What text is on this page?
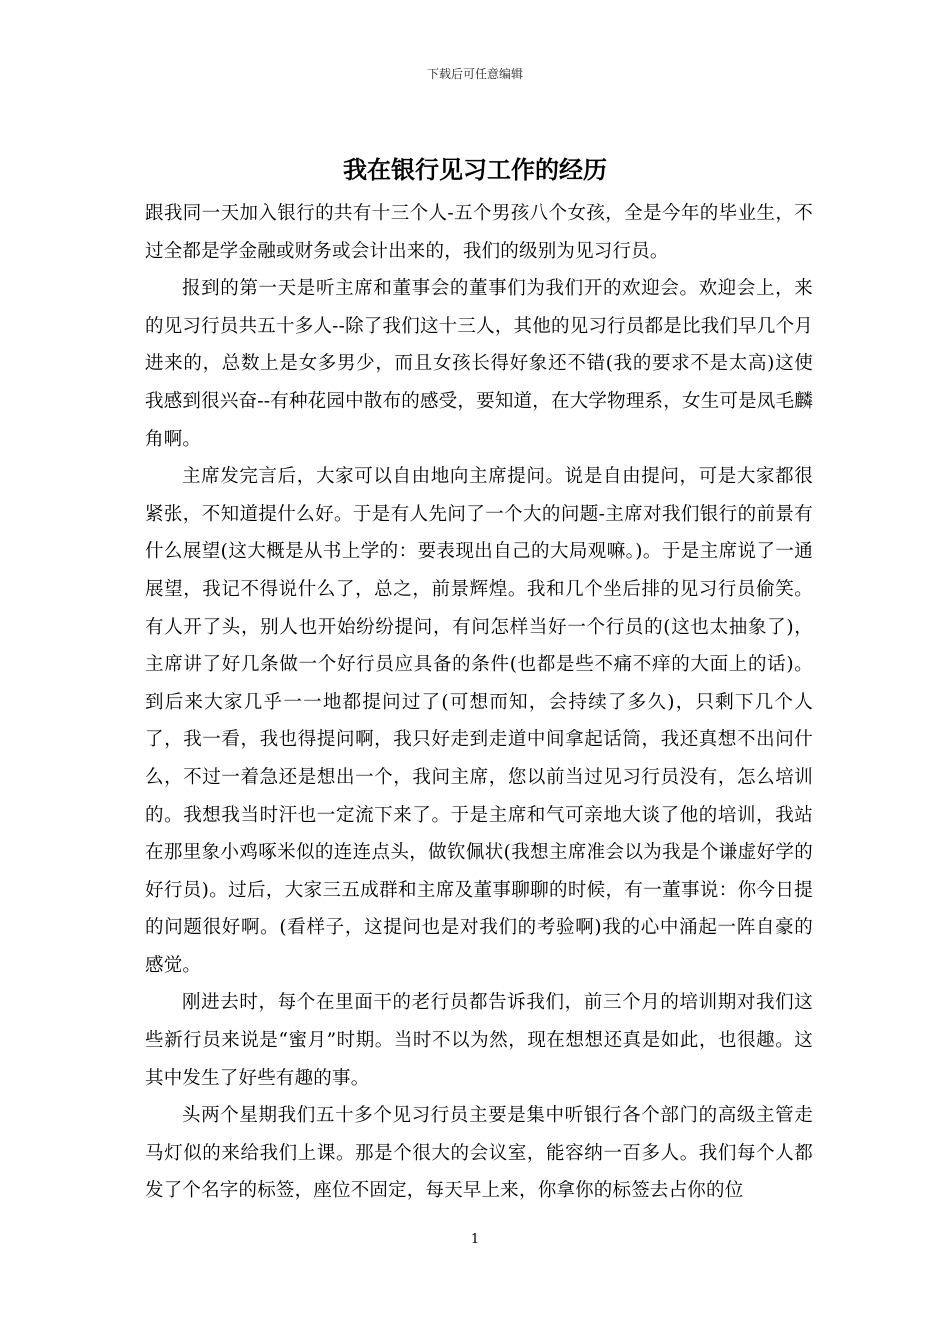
下载后可任意编辑
我在银行见习工作的经历

跟我同一天加入银行的共有十三个人-五个男孩八个女孩，全是今年的毕业生，不过全都是学金融或财务或会计出来的，我们的级别为见习行员。

报到的第一天是听主席和董事会的董事们为我们开的欢迎会。欢迎会上，来的见习行员共五十多人--除了我们这十三人，其他的见习行员都是比我们早几个月进来的，总数上是女多男少，而且女孩长得好象还不错(我的要求不是太高)这使我感到很兴奋--有种花园中散布的感受，要知道，在大学物理系，女生可是凤毛麟角啊。

主席发完言后，大家可以自由地向主席提问。说是自由提问，可是大家都很紧张，不知道提什么好。于是有人先问了一个大的问题-主席对我们银行的前景有什么展望(这大概是从书上学的：要表现出自己的大局观嘛。)。于是主席说了一通展望，我记不得说什么了，总之，前景辉煌。我和几个坐后排的见习行员偷笑。有人开了头，别人也开始纷纷提问，有问怎样当好一个行员的(这也太抽象了)，主席讲了好几条做一个好行员应具备的条件(也都是些不痛不痒的大面上的话)。到后来大家几乎一一地都提问过了(可想而知，会持续了多久)，只剩下几个人了，我一看，我也得提问啊，我只好走到走道中间拿起话筒，我还真想不出问什么，不过一着急还是想出一个，我问主席，您以前当过见习行员没有，怎么培训的。我想我当时汗也一定流下来了。于是主席和气可亲地大谈了他的培训，我站在那里象小鸡啄米似的连连点头，做钦佩状(我想主席准会以为我是个谦虚好学的好行员)。过后，大家三五成群和主席及董事聊聊的时候，有一董事说：你今日提的问题很好啊。(看样子，这提问也是对我们的考验啊)我的心中涌起一阵自豪的感觉。

刚进去时，每个在里面干的老行员都告诉我们，前三个月的培训期对我们这些新行员来说是“蜜月”时期。当时不以为然，现在想想还真是如此，也很趣。这其中发生了好些有趣的事。

头两个星期我们五十多个见习行员主要是集中听银行各个部门的高级主管走马灯似的来给我们上课。那是个很大的会议室，能容纳一百多人。我们每个人都发了个名字的标签，座位不固定，每天早上来，你拿你的标签去占你的位

1
